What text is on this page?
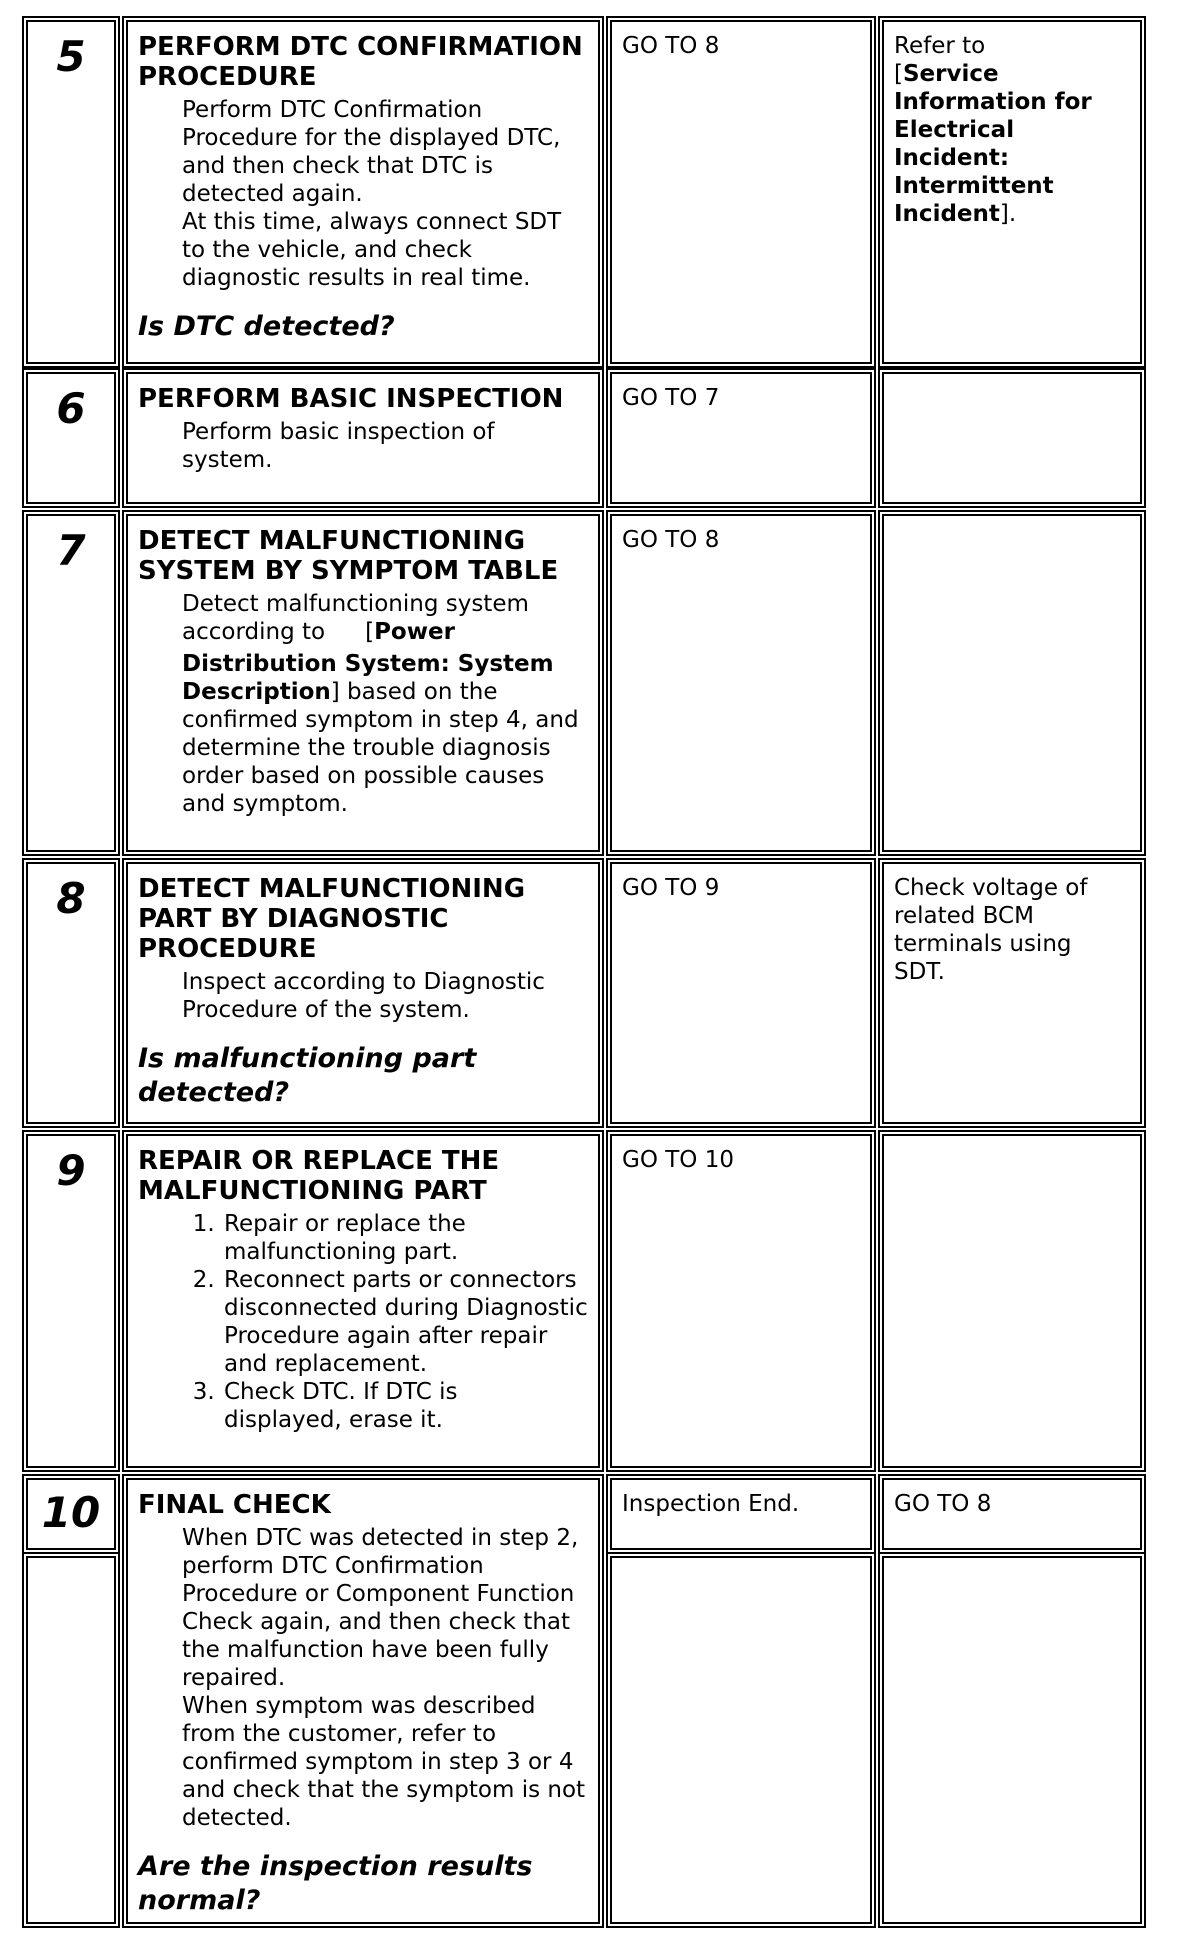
5	PERFORM DTC CONFIRMATION
PROCEDURE

Perform DTC Confirmation

Procedure for the displayed DTC,

and then check that DTC is

detected again.

At this time, always connect SDT

to the vehicle, and check

diagnostic results in real time.

Is DTC detected?
GO TO 8	Refer to
[Service
Information for
Electrical
Incident:
Intermittent
Incident].
6	PERFORM BASIC INSPECTION

Perform basic inspection of

system.

GO TO 7
7	DETECT MALFUNCTIONING
SYSTEM BY SYMPTOM TABLE

Detect malfunctioning system

according to [Power

Distribution System: System

Description] based on the

confirmed symptom in step 4, and

determine the trouble diagnosis

order based on possible causes

and symptom.

GO TO 8
8	DETECT MALFUNCTIONING
PART BY DIAGNOSTIC
PROCEDURE

Inspect according to Diagnostic

Procedure of the system.

Is malfunctioning part
detected?
GO TO 9	Check voltage of
related BCM
terminals using
SDT.
9	REPAIR OR REPLACE THE
MALFUNCTIONING PART
1. Repair or replace the
malfunctioning part.
2. Reconnect parts or connectors
disconnected during Diagnostic
Procedure again after repair
and replacement.
3. Check DTC. If DTC is
displayed, erase it.
GO TO 10
10	FINAL CHECK

When DTC was detected in step 2,

perform DTC Confirmation

Procedure or Component Function

Check again, and then check that

the malfunction have been fully

repaired.

When symptom was described

from the customer, refer to

confirmed symptom in step 3 or 4

and check that the symptom is not

detected.

Are the inspection results
normal?
Inspection End.	GO TO 8
